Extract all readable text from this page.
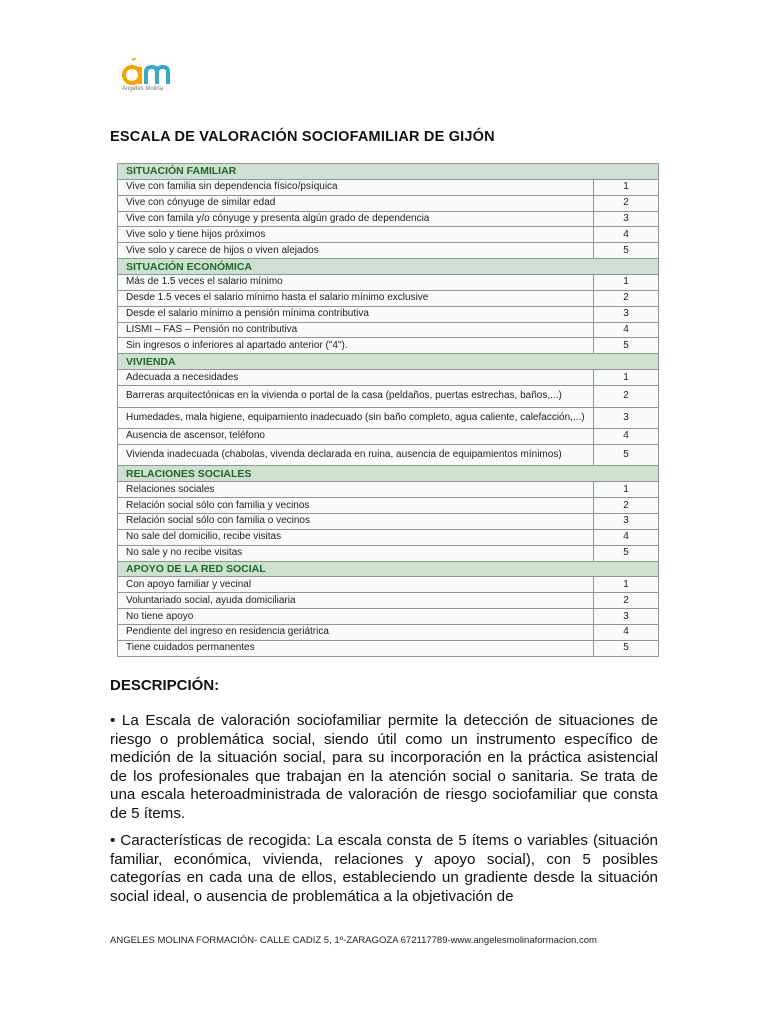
Angeles Molina
ESCALA DE VALORACIÓN SOCIOFAMILIAR DE GIJÓN
SITUACIÓN FAMILIAR	
Vive con familia sin dependencia físico/psíquica	1
Vive con cónyuge de similar edad	2
Vive con famila y/o cónyuge y presenta algún grado de dependencia	3
Vive solo y tiene hijos próximos	4
Vive solo y carece de hijos o viven alejados	5
SITUACIÓN ECONÓMICA	
Más de 1.5 veces el salario mínimo	1
Desde 1.5 veces el salario mínimo hasta el salario mínimo exclusive	2
Desde el salario mínimo a pensión mínima contributiva	3
LISMI – FAS – Pensión no contributiva	4
Sin ingresos o inferiores al apartado anterior ("4").	5
VIVIENDA	
Adecuada a necesidades	1
Barreras arquitectónicas en la vivienda o portal de la casa (peldaños, puertas estrechas, baños,...)	2
Humedades, mala higiene, equipamiento inadecuado (sin baño completo, agua caliente, calefacción,...)	3
Ausencia de ascensor, teléfono	4
Vivienda inadecuada (chabolas, vivenda declarada en ruina, ausencia de equipamientos mínimos)	5
RELACIONES SOCIALES	
Relaciones sociales	1
Relación social sólo con familia y vecinos	2
Relación social sólo con familia o vecinos	3
No sale del domicilio, recibe visitas	4
No sale y no recibe visitas	5
APOYO DE LA RED SOCIAL	
Con apoyo familiar y vecinal	1
Voluntariado social, ayuda domiciliaria	2
No tiene apoyo	3
Pendiente del ingreso en residencia geriátrica	4
Tiene cuidados permanentes	5
DESCRIPCIÓN:
• La Escala de valoración sociofamiliar permite la detección de situaciones de riesgo o problemática social, siendo útil como un instrumento específico de medición de la situación social, para su incorporación en la práctica asistencial de los profesionales que trabajan en la atención social o sanitaria. Se trata de una escala heteroadministrada de valoración de riesgo sociofamiliar que consta de 5 ítems.
• Características de recogida: La escala consta de 5 ítems o variables (situación familiar, económica, vivienda, relaciones y apoyo social), con 5 posibles categorías en cada una de ellos, estableciendo un gradiente desde la situación social ideal, o ausencia de problemática a la objetivación de
ANGELES MOLINA FORMACIÓN- CALLE CADIZ 5, 1º-ZARAGOZA 672117789-www.angelesmolinaformacion.com
